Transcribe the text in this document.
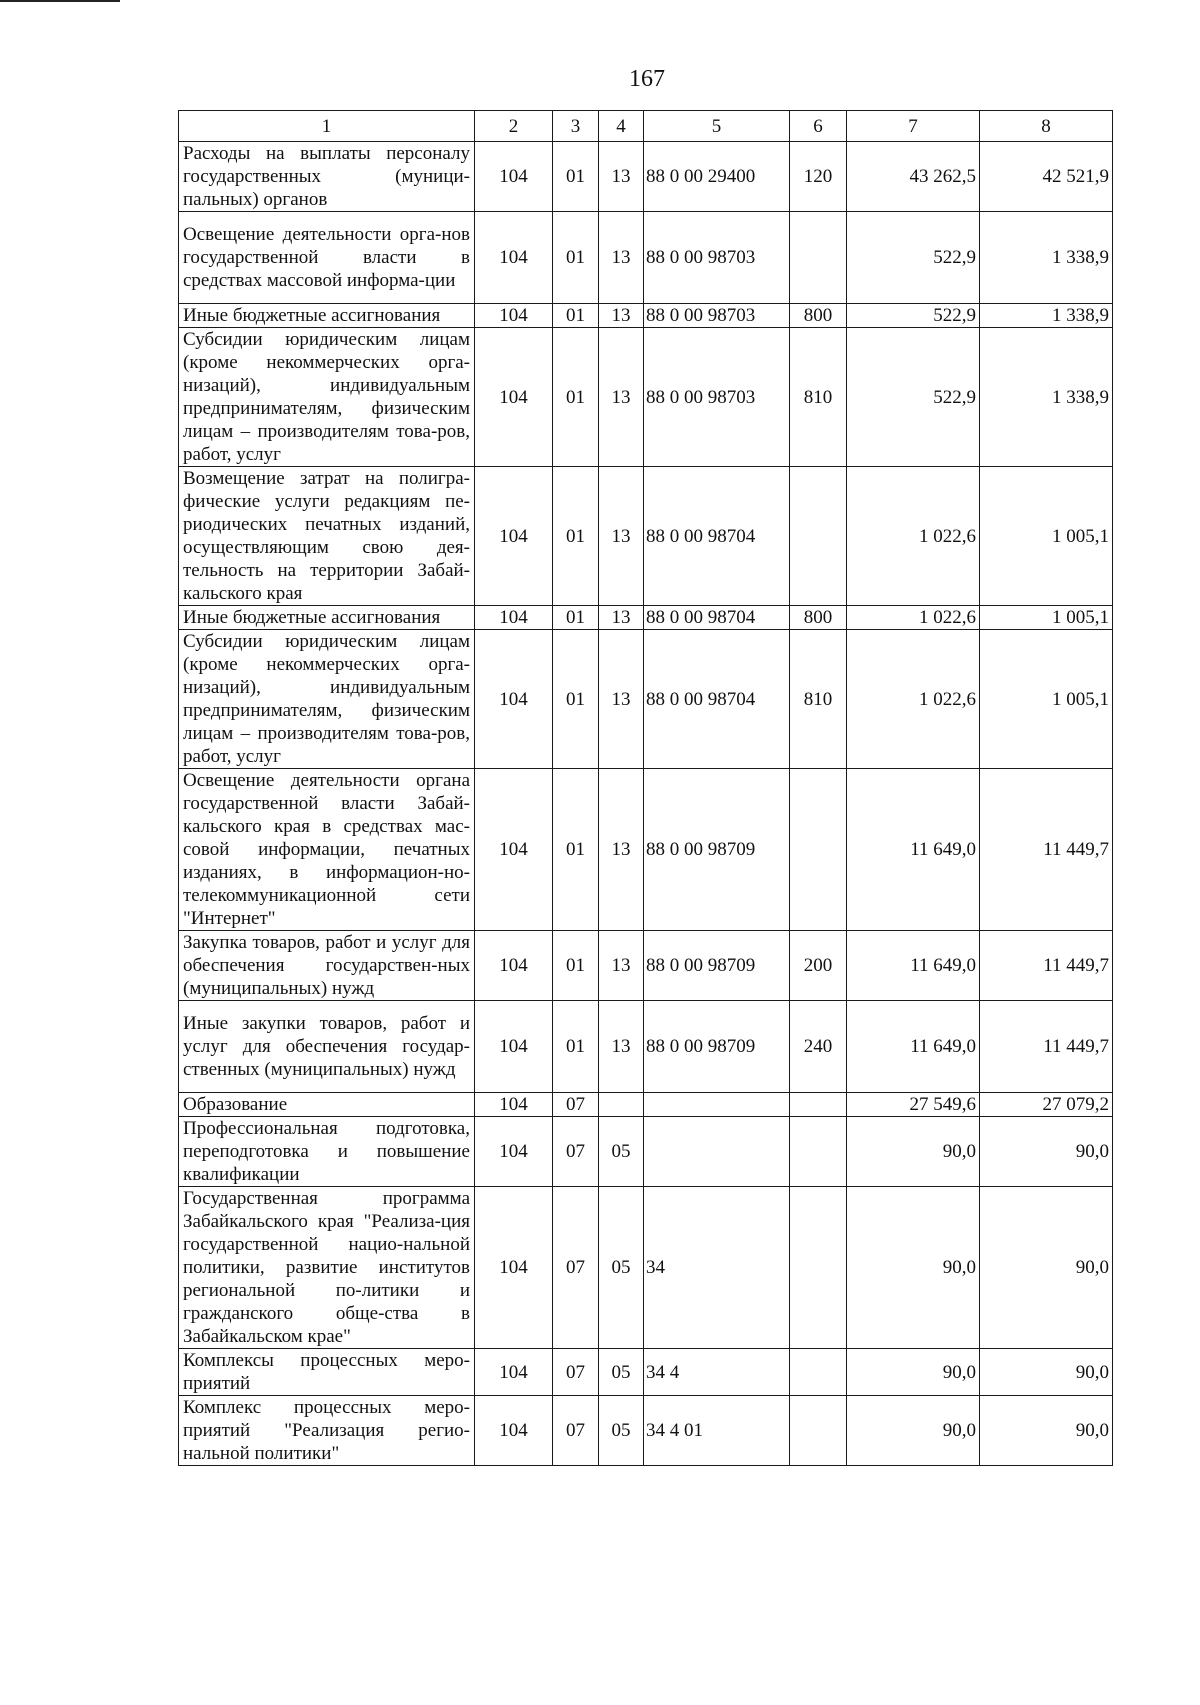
167
1	2	3	4	5	6	7	8
Расходы на выплаты персоналу государственных (муници-пальных) органов	104	01	13	88 0 00 29400	120	43 262,5	42 521,9
Освещение деятельности орга-нов государственной власти в средствах массовой информа-ции	104	01	13	88 0 00 98703		522,9	1 338,9
Иные бюджетные ассигнования	104	01	13	88 0 00 98703	800	522,9	1 338,9
Субсидии юридическим лицам (кроме некоммерческих орга-низаций), индивидуальным предпринимателям, физическим лицам – производителям това-ров, работ, услуг	104	01	13	88 0 00 98703	810	522,9	1 338,9
Возмещение затрат на полигра-фические услуги редакциям пе-риодических печатных изданий, осуществляющим свою дея-тельность на территории Забай-кальского края	104	01	13	88 0 00 98704		1 022,6	1 005,1
Иные бюджетные ассигнования	104	01	13	88 0 00 98704	800	1 022,6	1 005,1
Субсидии юридическим лицам (кроме некоммерческих орга-низаций), индивидуальным предпринимателям, физическим лицам – производителям това-ров, работ, услуг	104	01	13	88 0 00 98704	810	1 022,6	1 005,1
Освещение деятельности органа государственной власти Забай-кальского края в средствах мас-совой информации, печатных изданиях, в информацион-но-телекоммуникационной сети "Интернет"	104	01	13	88 0 00 98709		11 649,0	11 449,7
Закупка товаров, работ и услуг для обеспечения государствен-ных (муниципальных) нужд	104	01	13	88 0 00 98709	200	11 649,0	11 449,7
Иные закупки товаров, работ и услуг для обеспечения государ-ственных (муниципальных) нужд	104	01	13	88 0 00 98709	240	11 649,0	11 449,7
Образование	104	07				27 549,6	27 079,2
Профессиональная подготовка, переподготовка и повышение квалификации	104	07	05			90,0	90,0
Государственная программа Забайкальского края "Реализа-ция государственной нацио-нальной политики, развитие институтов региональной по-литики и гражданского обще-ства в Забайкальском крае"	104	07	05	34		90,0	90,0
Комплексы процессных меро-приятий	104	07	05	34 4		90,0	90,0
Комплекс процессных меро-приятий "Реализация регио-нальной политики"	104	07	05	34 4 01		90,0	90,0
